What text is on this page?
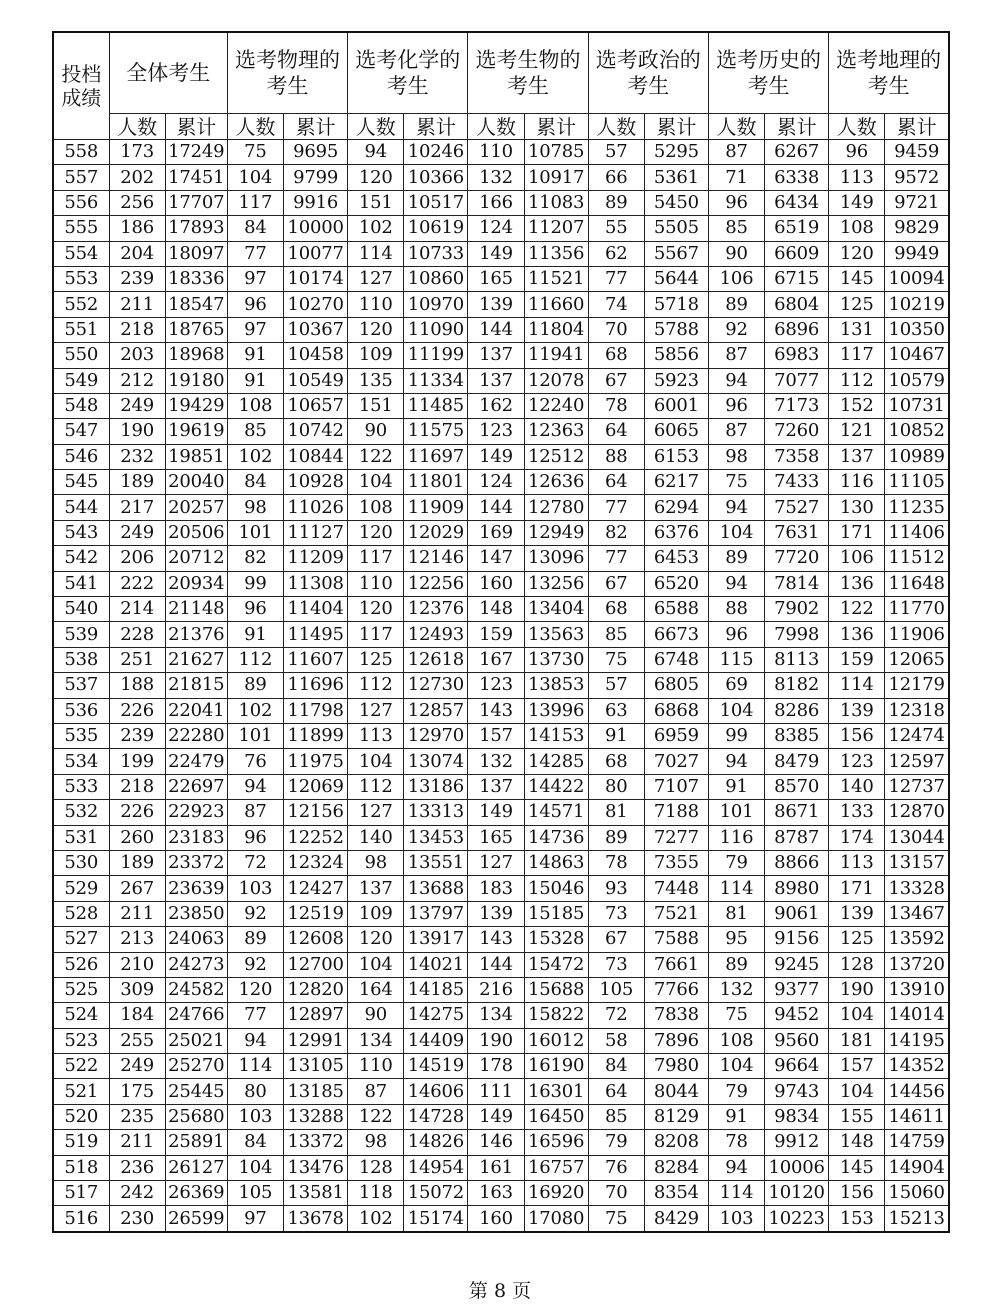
投档成绩	全体考生		选考物理的考生		选考化学的考生		选考生物的考生		选考政治的考生		选考历史的考生		选考地理的考生	
	人数	累计	人数	累计	人数	累计	人数	累计	人数	累计	人数	累计	人数	累计
558	173	17249	75	9695	94	10246	110	10785	57	5295	87	6267	96	9459
557	202	17451	104	9799	120	10366	132	10917	66	5361	71	6338	113	9572
556	256	17707	117	9916	151	10517	166	11083	89	5450	96	6434	149	9721
555	186	17893	84	10000	102	10619	124	11207	55	5505	85	6519	108	9829
554	204	18097	77	10077	114	10733	149	11356	62	5567	90	6609	120	9949
553	239	18336	97	10174	127	10860	165	11521	77	5644	106	6715	145	10094
552	211	18547	96	10270	110	10970	139	11660	74	5718	89	6804	125	10219
551	218	18765	97	10367	120	11090	144	11804	70	5788	92	6896	131	10350
550	203	18968	91	10458	109	11199	137	11941	68	5856	87	6983	117	10467
549	212	19180	91	10549	135	11334	137	12078	67	5923	94	7077	112	10579
548	249	19429	108	10657	151	11485	162	12240	78	6001	96	7173	152	10731
547	190	19619	85	10742	90	11575	123	12363	64	6065	87	7260	121	10852
546	232	19851	102	10844	122	11697	149	12512	88	6153	98	7358	137	10989
545	189	20040	84	10928	104	11801	124	12636	64	6217	75	7433	116	11105
544	217	20257	98	11026	108	11909	144	12780	77	6294	94	7527	130	11235
543	249	20506	101	11127	120	12029	169	12949	82	6376	104	7631	171	11406
542	206	20712	82	11209	117	12146	147	13096	77	6453	89	7720	106	11512
541	222	20934	99	11308	110	12256	160	13256	67	6520	94	7814	136	11648
540	214	21148	96	11404	120	12376	148	13404	68	6588	88	7902	122	11770
539	228	21376	91	11495	117	12493	159	13563	85	6673	96	7998	136	11906
538	251	21627	112	11607	125	12618	167	13730	75	6748	115	8113	159	12065
537	188	21815	89	11696	112	12730	123	13853	57	6805	69	8182	114	12179
536	226	22041	102	11798	127	12857	143	13996	63	6868	104	8286	139	12318
535	239	22280	101	11899	113	12970	157	14153	91	6959	99	8385	156	12474
534	199	22479	76	11975	104	13074	132	14285	68	7027	94	8479	123	12597
533	218	22697	94	12069	112	13186	137	14422	80	7107	91	8570	140	12737
532	226	22923	87	12156	127	13313	149	14571	81	7188	101	8671	133	12870
531	260	23183	96	12252	140	13453	165	14736	89	7277	116	8787	174	13044
530	189	23372	72	12324	98	13551	127	14863	78	7355	79	8866	113	13157
529	267	23639	103	12427	137	13688	183	15046	93	7448	114	8980	171	13328
528	211	23850	92	12519	109	13797	139	15185	73	7521	81	9061	139	13467
527	213	24063	89	12608	120	13917	143	15328	67	7588	95	9156	125	13592
526	210	24273	92	12700	104	14021	144	15472	73	7661	89	9245	128	13720
525	309	24582	120	12820	164	14185	216	15688	105	7766	132	9377	190	13910
524	184	24766	77	12897	90	14275	134	15822	72	7838	75	9452	104	14014
523	255	25021	94	12991	134	14409	190	16012	58	7896	108	9560	181	14195
522	249	25270	114	13105	110	14519	178	16190	84	7980	104	9664	157	14352
521	175	25445	80	13185	87	14606	111	16301	64	8044	79	9743	104	14456
520	235	25680	103	13288	122	14728	149	16450	85	8129	91	9834	155	14611
519	211	25891	84	13372	98	14826	146	16596	79	8208	78	9912	148	14759
518	236	26127	104	13476	128	14954	161	16757	76	8284	94	10006	145	14904
517	242	26369	105	13581	118	15072	163	16920	70	8354	114	10120	156	15060
516	230	26599	97	13678	102	15174	160	17080	75	8429	103	10223	153	15213
第 8 页
